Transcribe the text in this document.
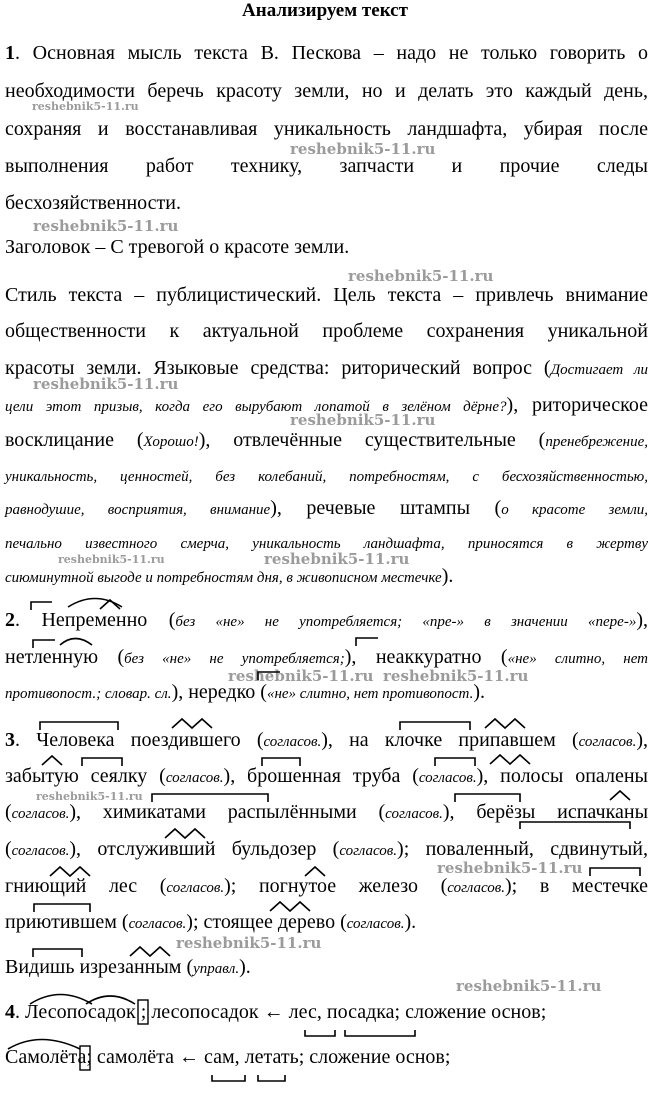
Анализируем текст
1. Основная мысль текста В. Пескова – надо не только говорить о
необходимости беречь красоту земли, но и делать это каждый день,
сохраняя и восстанавливая уникальность ландшафта, убирая после
выполнения работ технику, запчасти и прочие следы
бесхозяйственности.
Заголовок – С тревогой о красоте земли.
Стиль текста – публицистический. Цель текста – привлечь внимание
общественности к актуальной проблеме сохранения уникальной
красоты земли. Языковые средства: риторический вопрос (Достигает ли
цели этот призыв, когда его вырубают лопатой в зелёном дёрне?), риторическое
восклицание (Хорошо!), отвлечённые существительные (пренебрежение,
уникальность, ценностей, без колебаний, потребностям, с бесхозяйственностью,
равнодушие, восприятия, внимание), речевые штампы (о красоте земли,
печально известного смерча, уникальность ландшафта, приносятся в жертву
сиюминутной выгоде и потребностям дня, в живописном местечке).
2. Непременно (без «не» не употребляется; «пре-» в значении «пере-»),
нетленную (без «не» не употребляется;), неаккуратно («не» слитно, нет
противопост.; словар. сл.), нередко («не» слитно, нет противопост.).
3. Человека поездившего (согласов.), на клочке припавшем (согласов.),
забытую сеялку (согласов.), брошенная труба (согласов.), полосы опалены
(согласов.), химикатами распылёнными (согласов.), берёзы испачканы
(согласов.), отслуживший бульдозер (согласов.); поваленный, сдвинутый,
гниющий лес (согласов.); погнутое железо (согласов.); в местечке
приютившем (согласов.); стоящее дерево (согласов.).
Видишь изрезанным (управл.).
4. Лесопосадок ; лесопосадок ← лес, посадка; сложение основ;
Самолёта; самолёта ← сам, летать; сложение основ;
reshebnik5-11.ru
reshebnik5-11.ru
reshebnik5-11.ru
reshebnik5-11.ru
reshebnik5-11.ru
reshebnik5-11.ru
reshebnik5-11.ru	reshebnik5-11.ru
reshebnik5-11.ru reshebnik5-11.ru
reshebnik5-11.ru
reshebnik5-11.ru
reshebnik5-11.ru
reshebnik5-11.ru
